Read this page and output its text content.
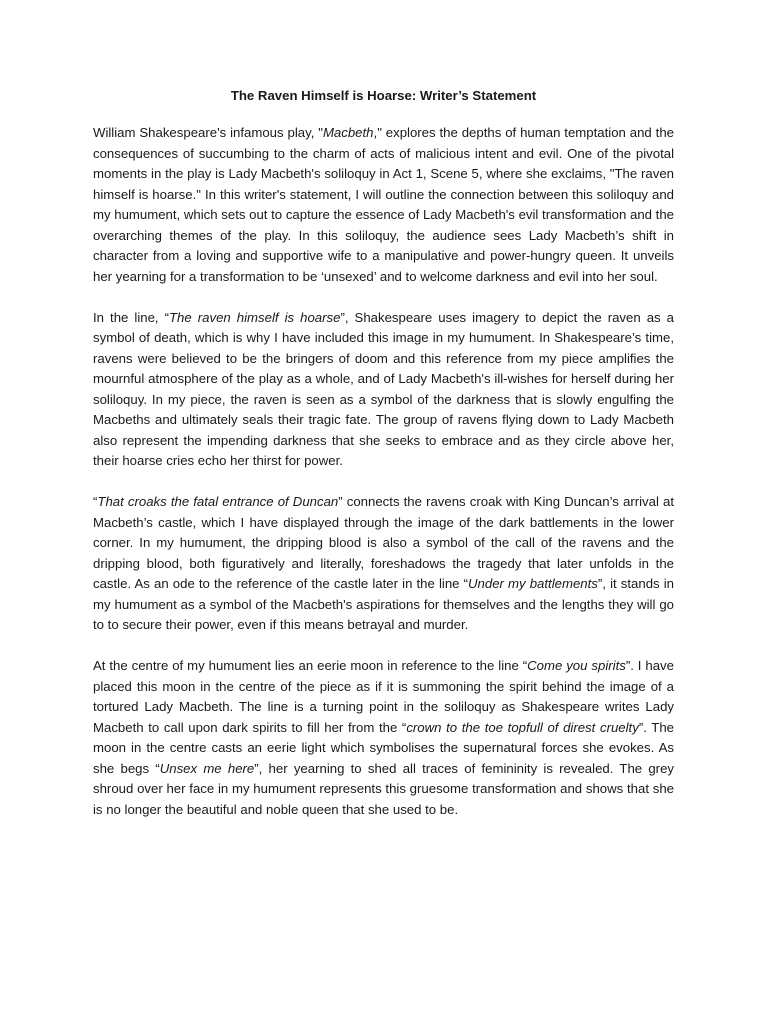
The Raven Himself is Hoarse: Writer’s Statement

William Shakespeare's infamous play, "Macbeth," explores the depths of human temptation and the consequences of succumbing to the charm of acts of malicious intent and evil. One of the pivotal moments in the play is Lady Macbeth's soliloquy in Act 1, Scene 5, where she exclaims, "The raven himself is hoarse." In this writer's statement, I will outline the connection between this soliloquy and my humument, which sets out to capture the essence of Lady Macbeth's evil transformation and the overarching themes of the play. In this soliloquy, the audience sees Lady Macbeth’s shift in character from a loving and supportive wife to a manipulative and power-hungry queen. It unveils her yearning for a transformation to be ‘unsexed’ and to welcome darkness and evil into her soul.

In the line, “The raven himself is hoarse”, Shakespeare uses imagery to depict the raven as a symbol of death, which is why I have included this image in my humument. In Shakespeare’s time, ravens were believed to be the bringers of doom and this reference from my piece amplifies the mournful atmosphere of the play as a whole, and of Lady Macbeth's ill-wishes for herself during her soliloquy. In my piece, the raven is seen as a symbol of the darkness that is slowly engulfing the Macbeths and ultimately seals their tragic fate. The group of ravens flying down to Lady Macbeth also represent the impending darkness that she seeks to embrace and as they circle above her, their hoarse cries echo her thirst for power.

“That croaks the fatal entrance of Duncan” connects the ravens croak with King Duncan’s arrival at Macbeth’s castle, which I have displayed through the image of the dark battlements in the lower corner. In my humument, the dripping blood is also a symbol of the call of the ravens and the dripping blood, both figuratively and literally, foreshadows the tragedy that later unfolds in the castle. As an ode to the reference of the castle later in the line “Under my battlements”, it stands in my humument as a symbol of the Macbeth's aspirations for themselves and the lengths they will go to to secure their power, even if this means betrayal and murder.

At the centre of my humument lies an eerie moon in reference to the line “Come you spirits”. I have placed this moon in the centre of the piece as if it is summoning the spirit behind the image of a tortured Lady Macbeth. The line is a turning point in the soliloquy as Shakespeare writes Lady Macbeth to call upon dark spirits to fill her from the “crown to the toe topfull of direst cruelty”. The moon in the centre casts an eerie light which symbolises the supernatural forces she evokes. As she begs “Unsex me here”, her yearning to shed all traces of femininity is revealed. The grey shroud over her face in my humument represents this gruesome transformation and shows that she is no longer the beautiful and noble queen that she used to be.
